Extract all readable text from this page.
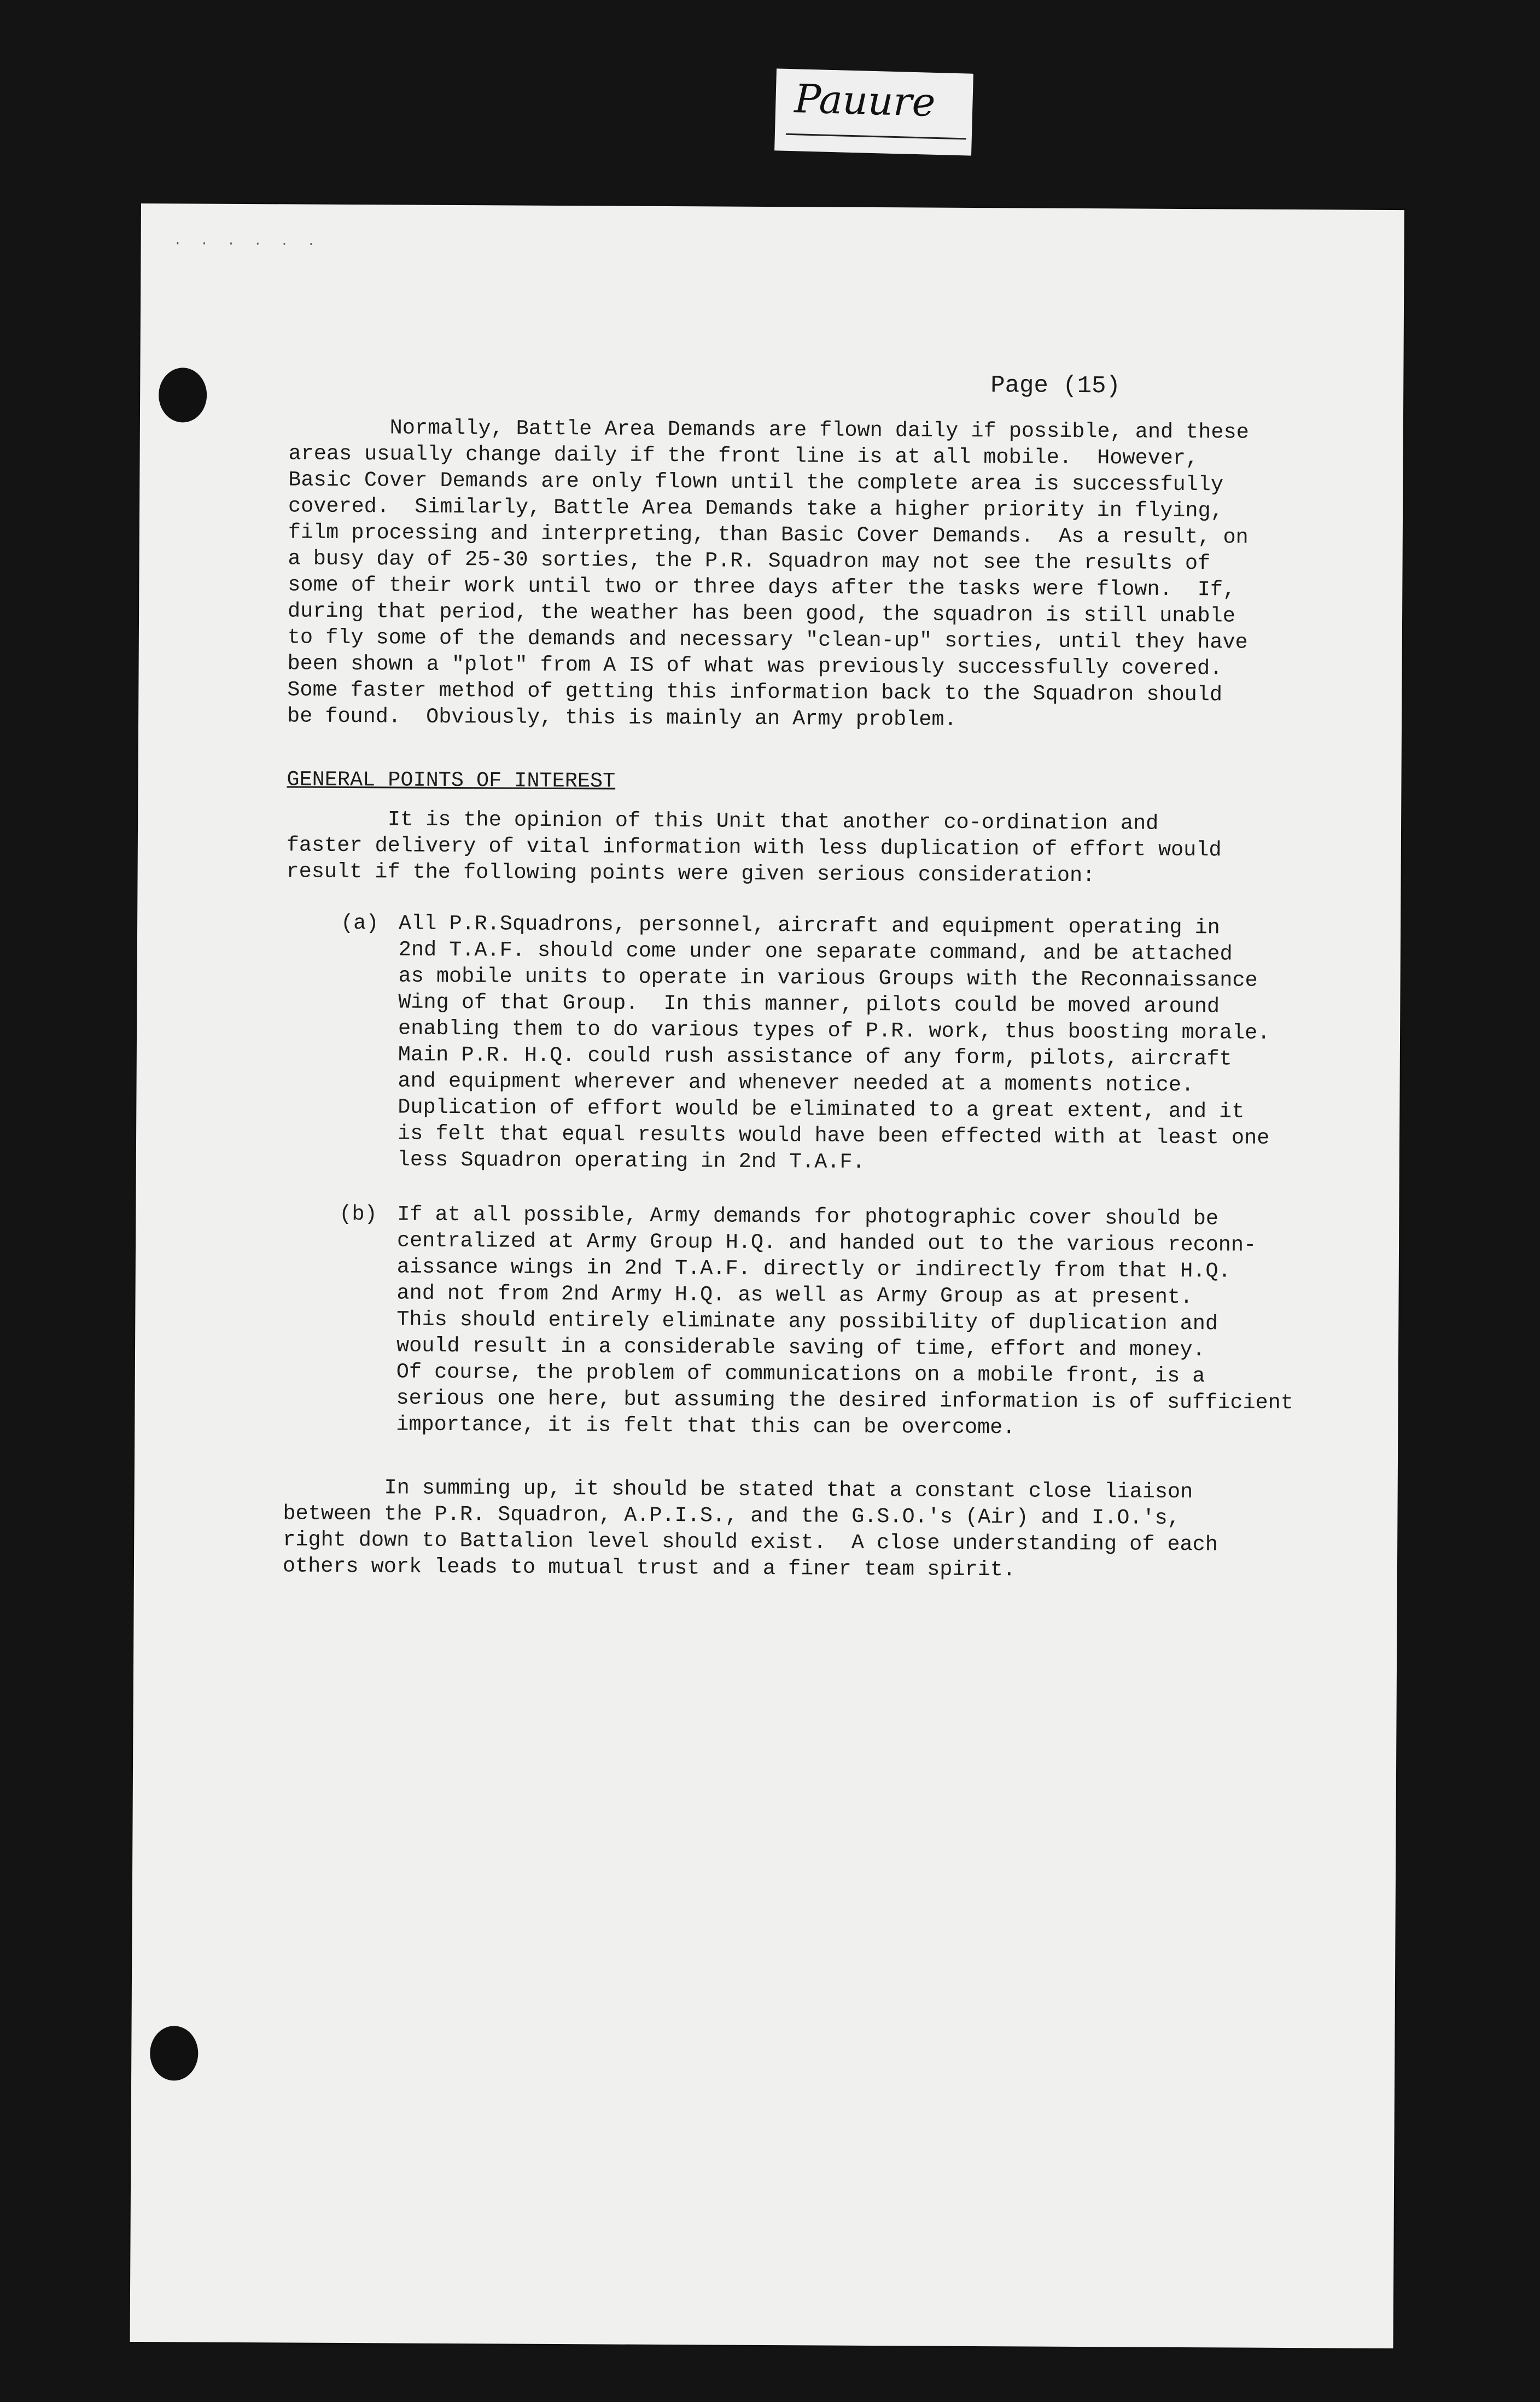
Pauure
· · · · · ·
Page (15)

Normally, Battle Area Demands are flown daily if possible, and these
areas usually change daily if the front line is at all mobile.  However,
Basic Cover Demands are only flown until the complete area is successfully
covered.  Similarly, Battle Area Demands take a higher priority in flying,
film processing and interpreting, than Basic Cover Demands.  As a result, on
a busy day of 25-30 sorties, the P.R. Squadron may not see the results of
some of their work until two or three days after the tasks were flown.  If,
during that period, the weather has been good, the squadron is still unable
to fly some of the demands and necessary "clean-up" sorties, until they have
been shown a "plot" from A IS of what was previously successfully covered.
Some faster method of getting this information back to the Squadron should
be found.  Obviously, this is mainly an Army problem.

GENERAL POINTS OF INTEREST

It is the opinion of this Unit that another co-ordination and
faster delivery of vital information with less duplication of effort would
result if the following points were given serious consideration:

(a) All P.R.Squadrons, personnel, aircraft and equipment operating in
2nd T.A.F. should come under one separate command, and be attached
as mobile units to operate in various Groups with the Reconnaissance
Wing of that Group.  In this manner, pilots could be moved around
enabling them to do various types of P.R. work, thus boosting morale.
Main P.R. H.Q. could rush assistance of any form, pilots, aircraft
and equipment wherever and whenever needed at a moments notice.
Duplication of effort would be eliminated to a great extent, and it
is felt that equal results would have been effected with at least one
less Squadron operating in 2nd T.A.F.

(b) If at all possible, Army demands for photographic cover should be
centralized at Army Group H.Q. and handed out to the various reconn-
aissance wings in 2nd T.A.F. directly or indirectly from that H.Q.
and not from 2nd Army H.Q. as well as Army Group as at present.
This should entirely eliminate any possibility of duplication and
would result in a considerable saving of time, effort and money.
Of course, the problem of communications on a mobile front, is a
serious one here, but assuming the desired information is of sufficient
importance, it is felt that this can be overcome.

In summing up, it should be stated that a constant close liaison
between the P.R. Squadron, A.P.I.S., and the G.S.O.'s (Air) and I.O.'s,
right down to Battalion level should exist.  A close understanding of each
others work leads to mutual trust and a finer team spirit.
